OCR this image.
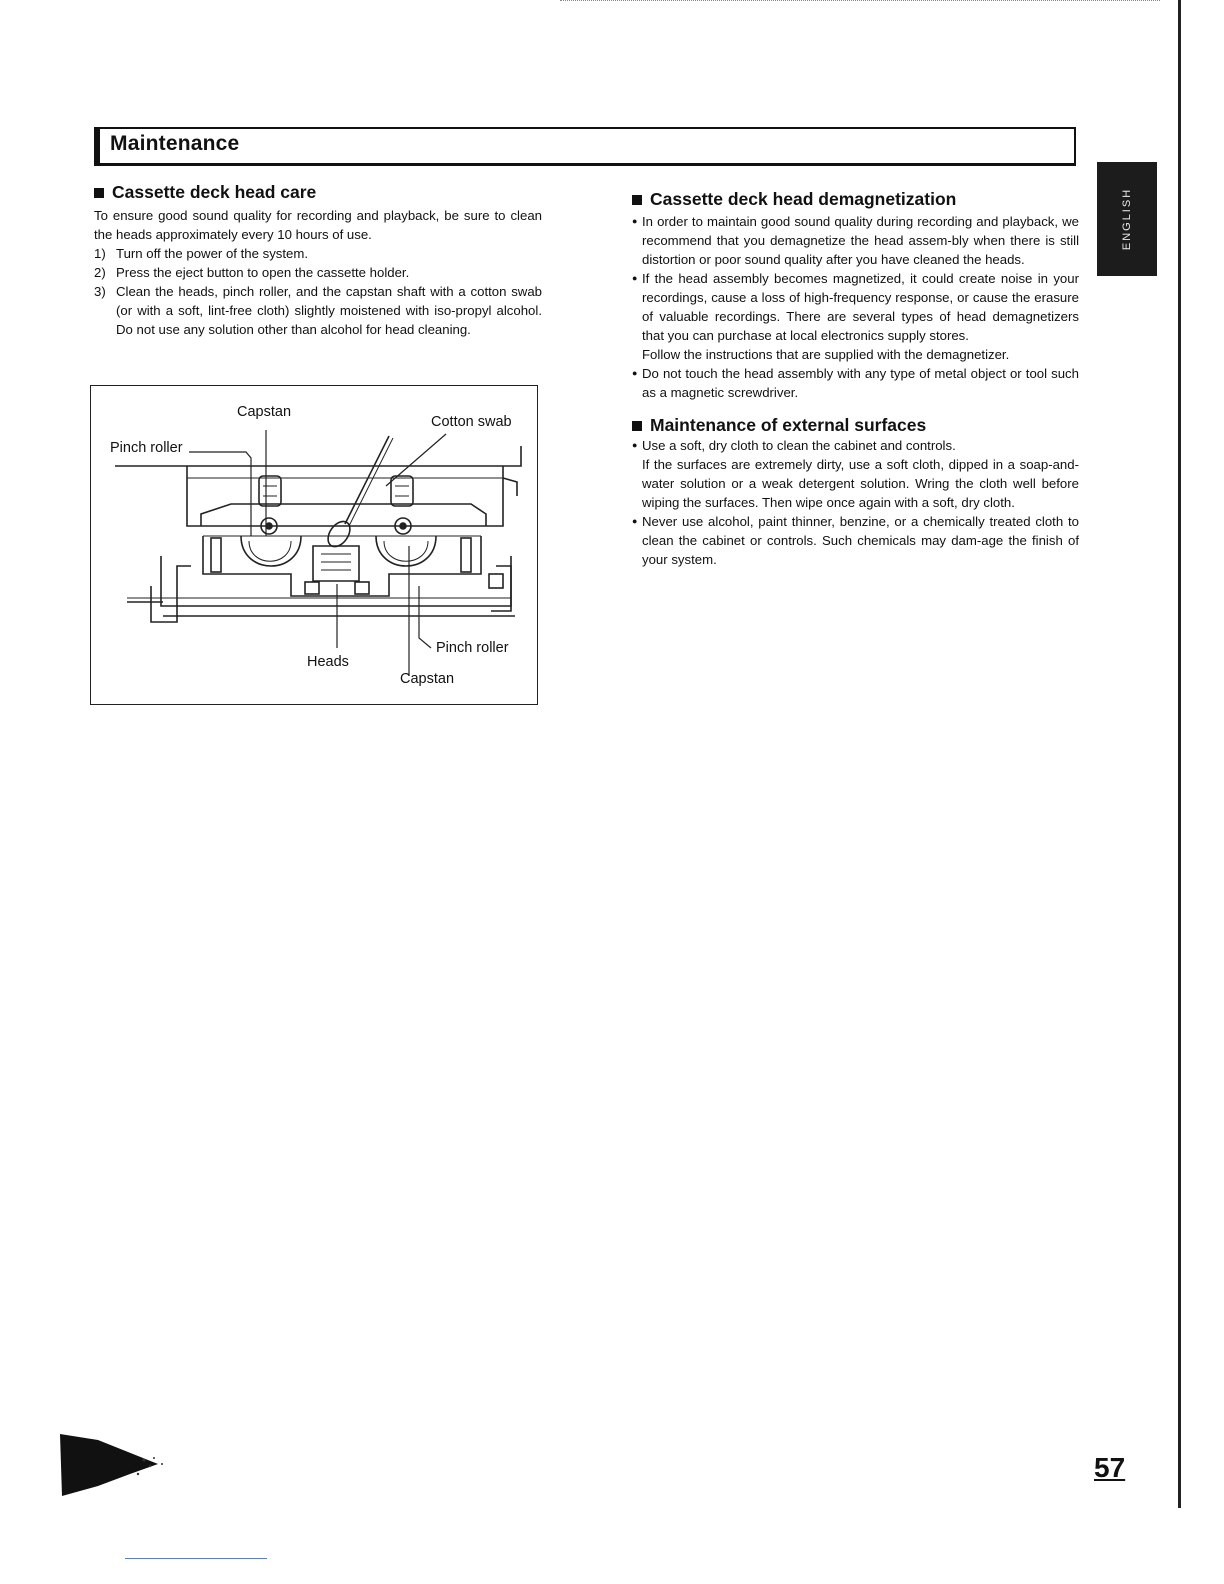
Maintenance
ENGLISH
Cassette deck head care

To ensure good sound quality for recording and playback, be sure to clean the heads approximately every 10 hours of use.

1) Turn off the power of the system.
2) Press the eject button to open the cassette holder.
3) Clean the heads, pinch roller, and the capstan shaft with a cotton swab (or with a soft, lint-free cloth) slightly moistened with iso-propyl alcohol. Do not use any solution other than alcohol for head cleaning.
Capstan
Cotton swab
Pinch roller
Pinch roller
Heads
Capstan
Cassette deck head demagnetization
● In order to maintain good sound quality during recording and playback, we recommend that you demagnetize the head assem-bly when there is still distortion or poor sound quality after you have cleaned the heads.
● If the head assembly becomes magnetized, it could create noise in your recordings, cause a loss of high-frequency response, or cause the erasure of valuable recordings. There are several types of head demagnetizers that you can purchase at local electronics supply stores.

Follow the instructions that are supplied with the demagnetizer.

● Do not touch the head assembly with any type of metal object or tool such as a magnetic screwdriver.
Maintenance of external surfaces
● Use a soft, dry cloth to clean the cabinet and controls.

If the surfaces are extremely dirty, use a soft cloth, dipped in a soap-and-water solution or a weak detergent solution. Wring the cloth well before wiping the surfaces. Then wipe once again with a soft, dry cloth.

● Never use alcohol, paint thinner, benzine, or a chemically treated cloth to clean the cabinet or controls. Such chemicals may dam-age the finish of your system.
57
